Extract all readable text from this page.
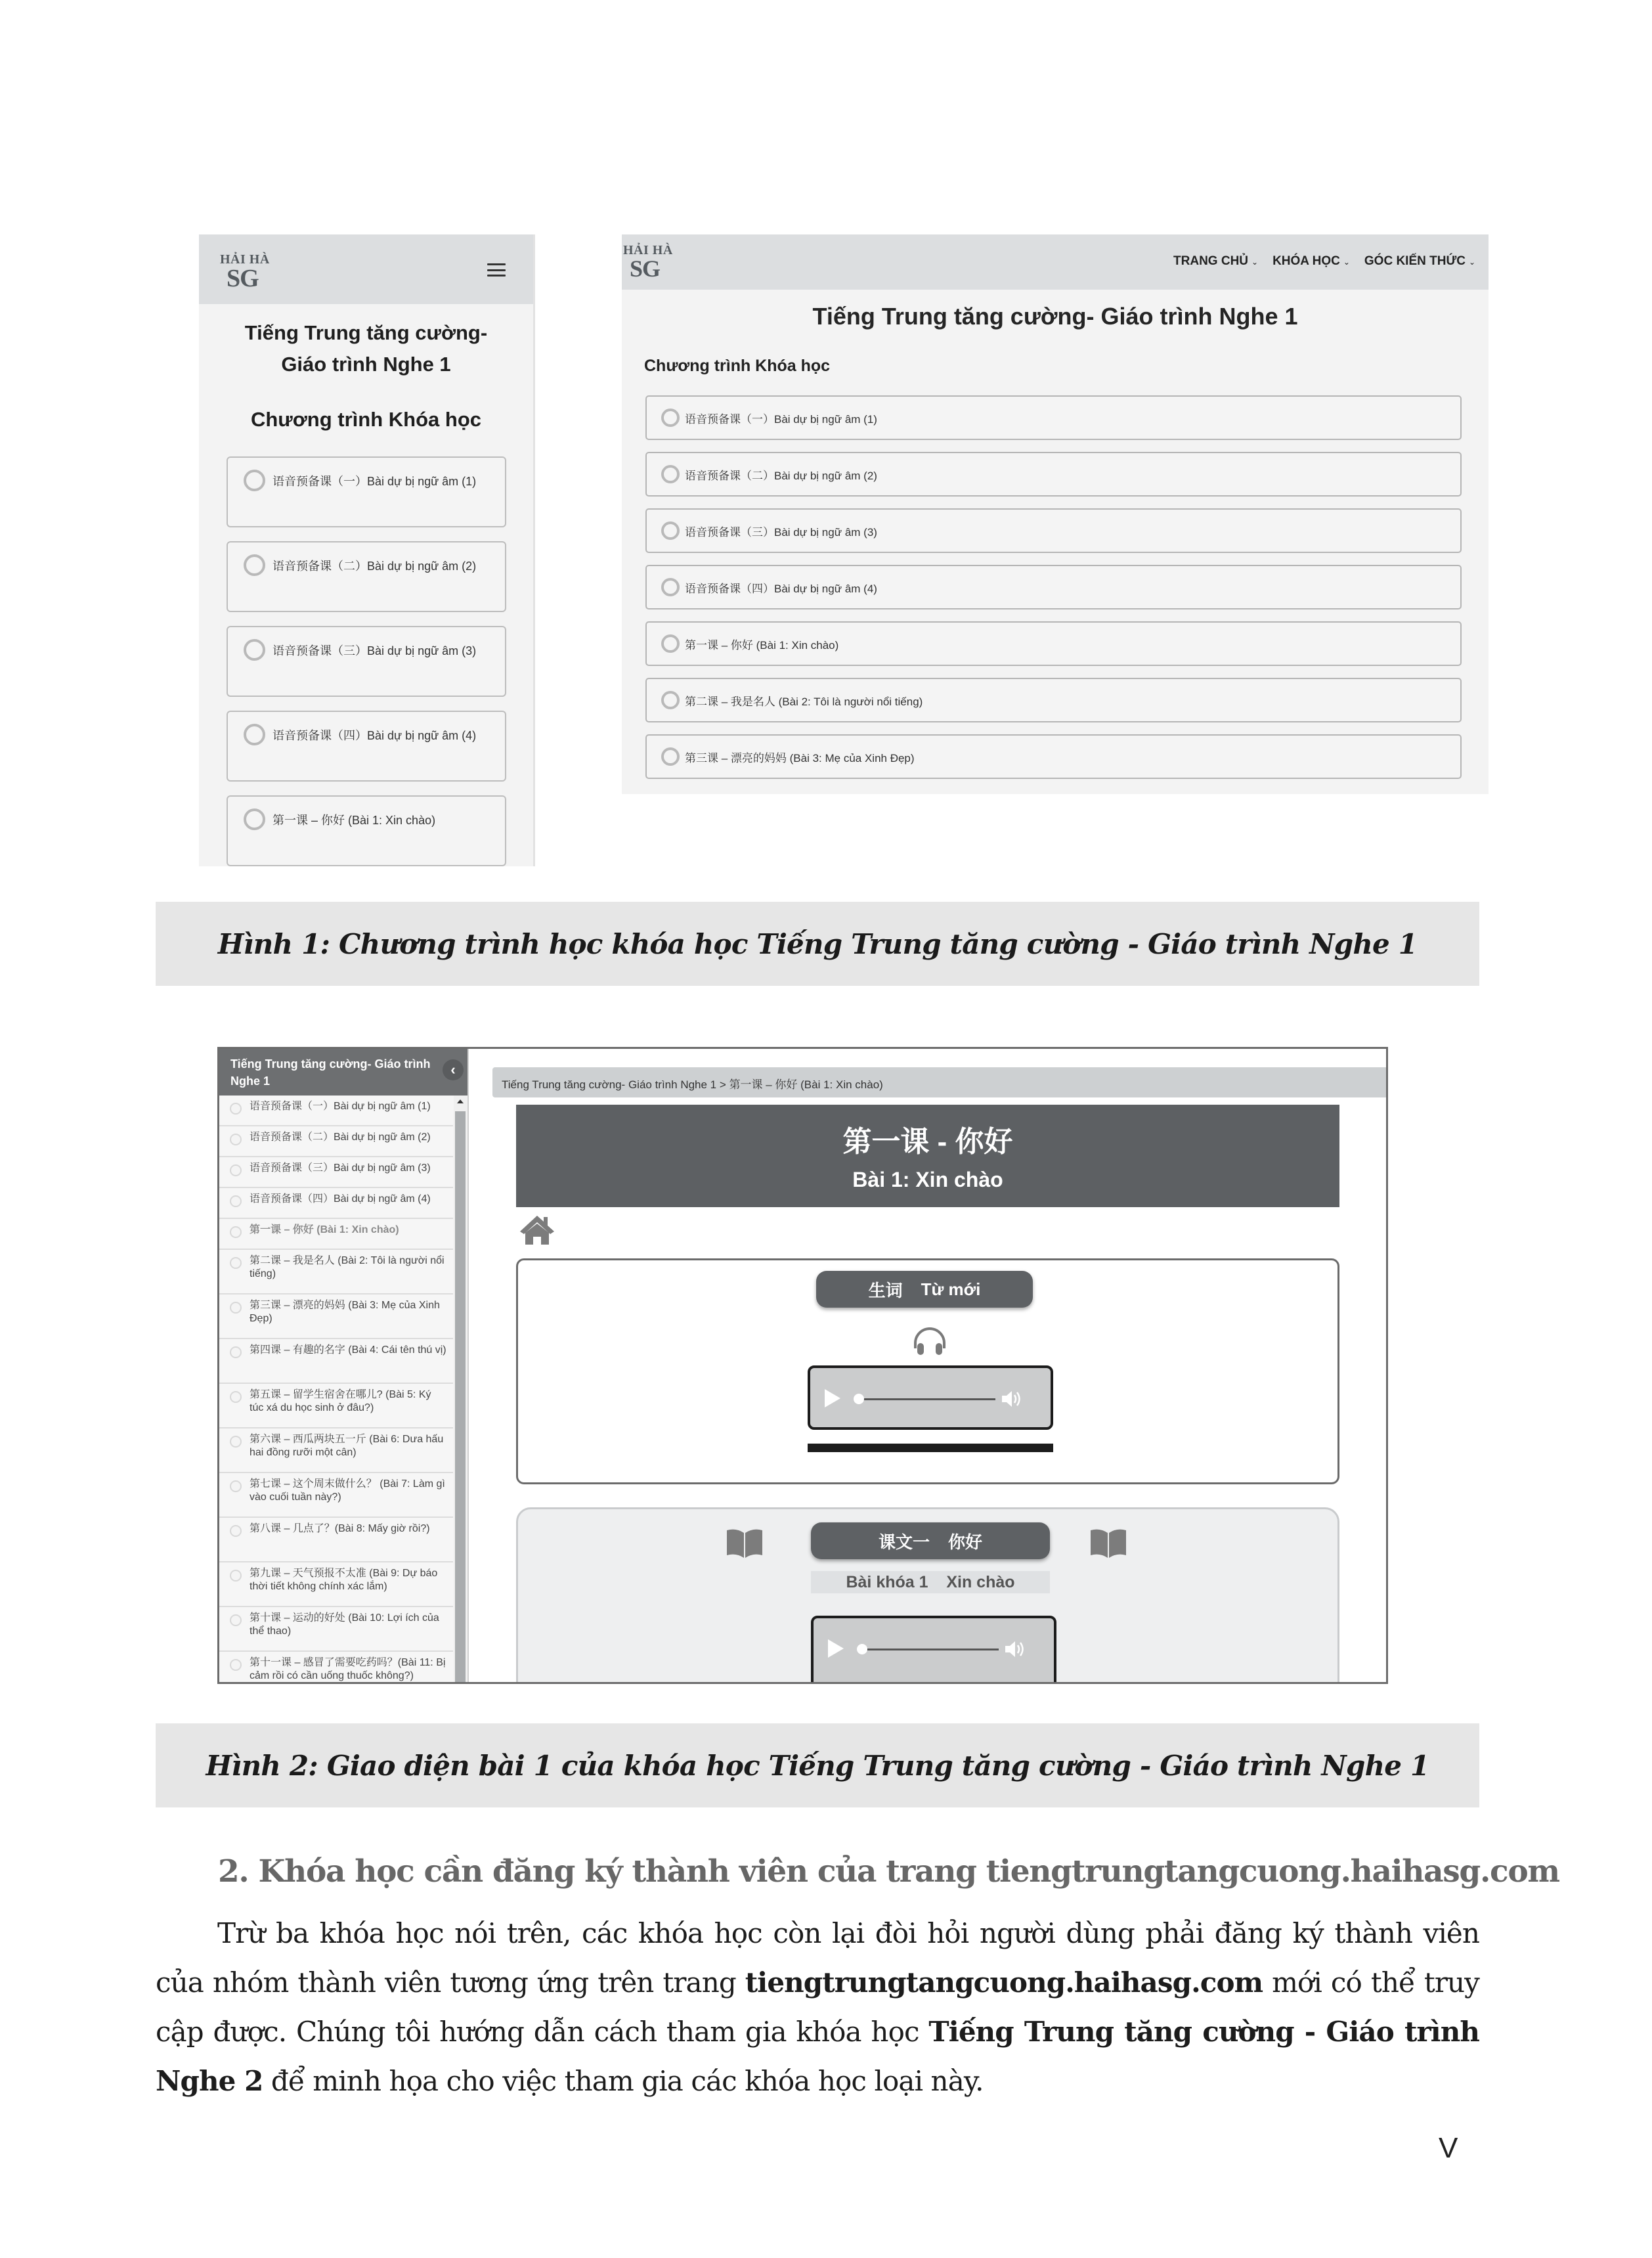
HẢI HÀ
SG
Tiếng Trung tăng cường-
Giáo trình Nghe 1
Chương trình Khóa học
语音预备课（一）Bài dự bị ngữ âm (1)
语音预备课（二）Bài dự bị ngữ âm (2)
语音预备课（三）Bài dự bị ngữ âm (3)
语音预备课（四）Bài dự bị ngữ âm (4)
第一课 – 你好 (Bài 1: Xin chào)
HẢI HÀ
SG	TRANG CHỦ ⌄ KHÓA HỌC ⌄ GÓC KIẾN THỨC ⌄
Tiếng Trung tăng cường- Giáo trình Nghe 1
Chương trình Khóa học
语音预备课（一）Bài dự bị ngữ âm (1)
语音预备课（二）Bài dự bị ngữ âm (2)
语音预备课（三）Bài dự bị ngữ âm (3)
语音预备课（四）Bài dự bị ngữ âm (4)
第一课 – 你好 (Bài 1: Xin chào)
第二课 – 我是名人 (Bài 2: Tôi là người nổi tiếng)
第三课 – 漂亮的妈妈 (Bài 3: Mẹ của Xinh Đẹp)
Hình 1: Chương trình học khóa học Tiếng Trung tăng cường - Giáo trình Nghe 1
Tiếng Trung tăng cường- Giáo trình Nghe 1
‹
语音预备课（一）Bài dự bị ngữ âm (1)
语音预备课（二）Bài dự bị ngữ âm (2)
语音预备课（三）Bài dự bị ngữ âm (3)
语音预备课（四）Bài dự bị ngữ âm (4)
第一课 – 你好 (Bài 1: Xin chào)
第二课 – 我是名人 (Bài 2: Tôi là người nổi tiếng)
第三课 – 漂亮的妈妈 (Bài 3: Mẹ của Xinh Đẹp)
第四课 – 有趣的名字 (Bài 4: Cái tên thú vị)
第五课 – 留学生宿舍在哪儿? (Bài 5: Ký túc xá du học sinh ở đâu?)
第六课 – 西瓜两块五一斤 (Bài 6: Dưa hấu hai đồng rưỡi một cân)
第七课 – 这个周末做什么？ (Bài 7: Làm gì vào cuối tuần này?)
第八课 – 几点了？(Bài 8: Mấy giờ rồi?)
第九课 – 天气预报不太准 (Bài 9: Dự báo thời tiết không chính xác lắm)
第十课 – 运动的好处 (Bài 10: Lợi ích của thể thao)
第十一课 – 感冒了需要吃药吗？(Bài 11: Bị cảm rồi có cần uống thuốc không?)
Tiếng Trung tăng cường- Giáo trình Nghe 1 > 第一课 – 你好 (Bài 1: Xin chào)
第一课 - 你好
Bài 1: Xin chào
生词 Từ mới
课文一 你好
Bài khóa 1 Xin chào
Hình 2: Giao diện bài 1 của khóa học Tiếng Trung tăng cường - Giáo trình Nghe 1
2. Khóa học cần đăng ký thành viên của trang tiengtrungtangcuong.haihasg.com

Trừ ba khóa học nói trên, các khóa học còn lại đòi hỏi người dùng phải đăng ký thành viên của nhóm thành viên tương ứng trên trang tiengtrungtangcuong.haihasg.com mới có thể truy cập được. Chúng tôi hướng dẫn cách tham gia khóa học Tiếng Trung tăng cường - Giáo trình Nghe 2 để minh họa cho việc tham gia các khóa học loại này.

V
